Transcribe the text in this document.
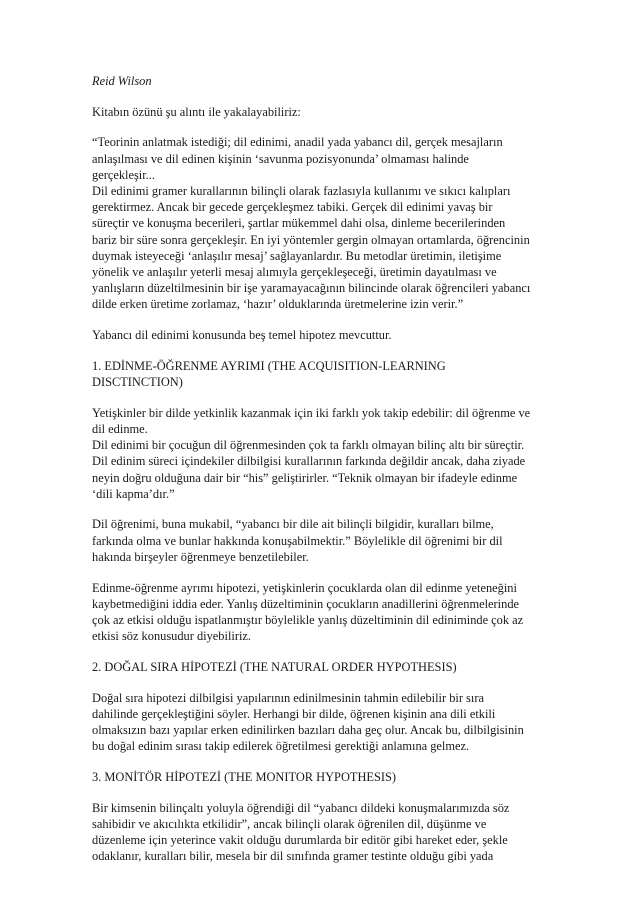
Reid Wilson
Kitabın özünü şu alıntı ile yakalayabiliriz:
“Teorinin anlatmak istediği; dil edinimi, anadil yada yabancı dil, gerçek mesajların
anlaşılması ve dil edinen kişinin ‘savunma pozisyonunda’ olmaması halinde
gerçekleşir...
Dil edinimi gramer kurallarının bilinçli olarak fazlasıyla kullanımı ve sıkıcı kalıpları
gerektirmez. Ancak bir gecede gerçekleşmez tabiki. Gerçek dil edinimi yavaş bir
süreçtir ve konuşma becerileri, şartlar mükemmel dahi olsa, dinleme becerilerinden
bariz bir süre sonra gerçekleşir. En iyi yöntemler gergin olmayan ortamlarda, öğrencinin
duymak isteyeceği ‘anlaşılır mesaj’ sağlayanlardır. Bu metodlar üretimin, iletişime
yönelik ve anlaşılır yeterli mesaj alımıyla gerçekleşeceği, üretimin dayatılması ve
yanlışların düzeltilmesinin bir işe yaramayacağının bilincinde olarak öğrencileri yabancı
dilde erken üretime zorlamaz, ‘hazır’ olduklarında üretmelerine izin verir.”
Yabancı dil edinimi konusunda beş temel hipotez mevcuttur.
1. EDİNME-ÖĞRENME AYRIMI (THE ACQUISITION-LEARNING
DISCTINCTION)
Yetişkinler bir dilde yetkinlik kazanmak için iki farklı yok takip edebilir: dil öğrenme ve
dil edinme.
Dil edinimi bir çocuğun dil öğrenmesinden çok ta farklı olmayan bilinç altı bir süreçtir.
Dil edinim süreci içindekiler dilbilgisi kurallarının farkında değildir ancak, daha ziyade
neyin doğru olduğuna dair bir “his” geliştirirler. “Teknik olmayan bir ifadeyle edinme
‘dili kapma’dır.”
Dil öğrenimi, buna mukabil, “yabancı bir dile ait bilinçli bilgidir, kuralları bilme,
farkında olma ve bunlar hakkında konuşabilmektir.” Böylelikle dil öğrenimi bir dil
hakında birşeyler öğrenmeye benzetilebiler.
Edinme-öğrenme ayrımı hipotezi, yetişkinlerin çocuklarda olan dil edinme yeteneğini
kaybetmediğini iddia eder. Yanlış düzeltiminin çocukların anadillerini öğrenmelerinde
çok az etkisi olduğu ispatlanmıştır böylelikle yanlış düzeltiminin dil ediniminde çok az
etkisi söz konusudur diyebiliriz.
2. DOĞAL SIRA HİPOTEZİ (THE NATURAL ORDER HYPOTHESIS)
Doğal sıra hipotezi dilbilgisi yapılarının edinilmesinin tahmin edilebilir bir sıra
dahilinde gerçekleştiğini söyler. Herhangi bir dilde, öğrenen kişinin ana dili etkili
olmaksızın bazı yapılar erken edinilirken bazıları daha geç olur. Ancak bu, dilbilgisinin
bu doğal edinim sırası takip edilerek öğretilmesi gerektiği anlamına gelmez.
3. MONİTÖR HİPOTEZİ (THE MONITOR HYPOTHESIS)
Bir kimsenin bilinçaltı yoluyla öğrendiği dil “yabancı dildeki konuşmalarımızda söz
sahibidir ve akıcılıkta etkilidir”, ancak bilinçli olarak öğrenilen dil, düşünme ve
düzenleme için yeterince vakit olduğu durumlarda bir editör gibi hareket eder, şekle
odaklanır, kuralları bilir, mesela bir dil sınıfında gramer testinte olduğu gibi yada
